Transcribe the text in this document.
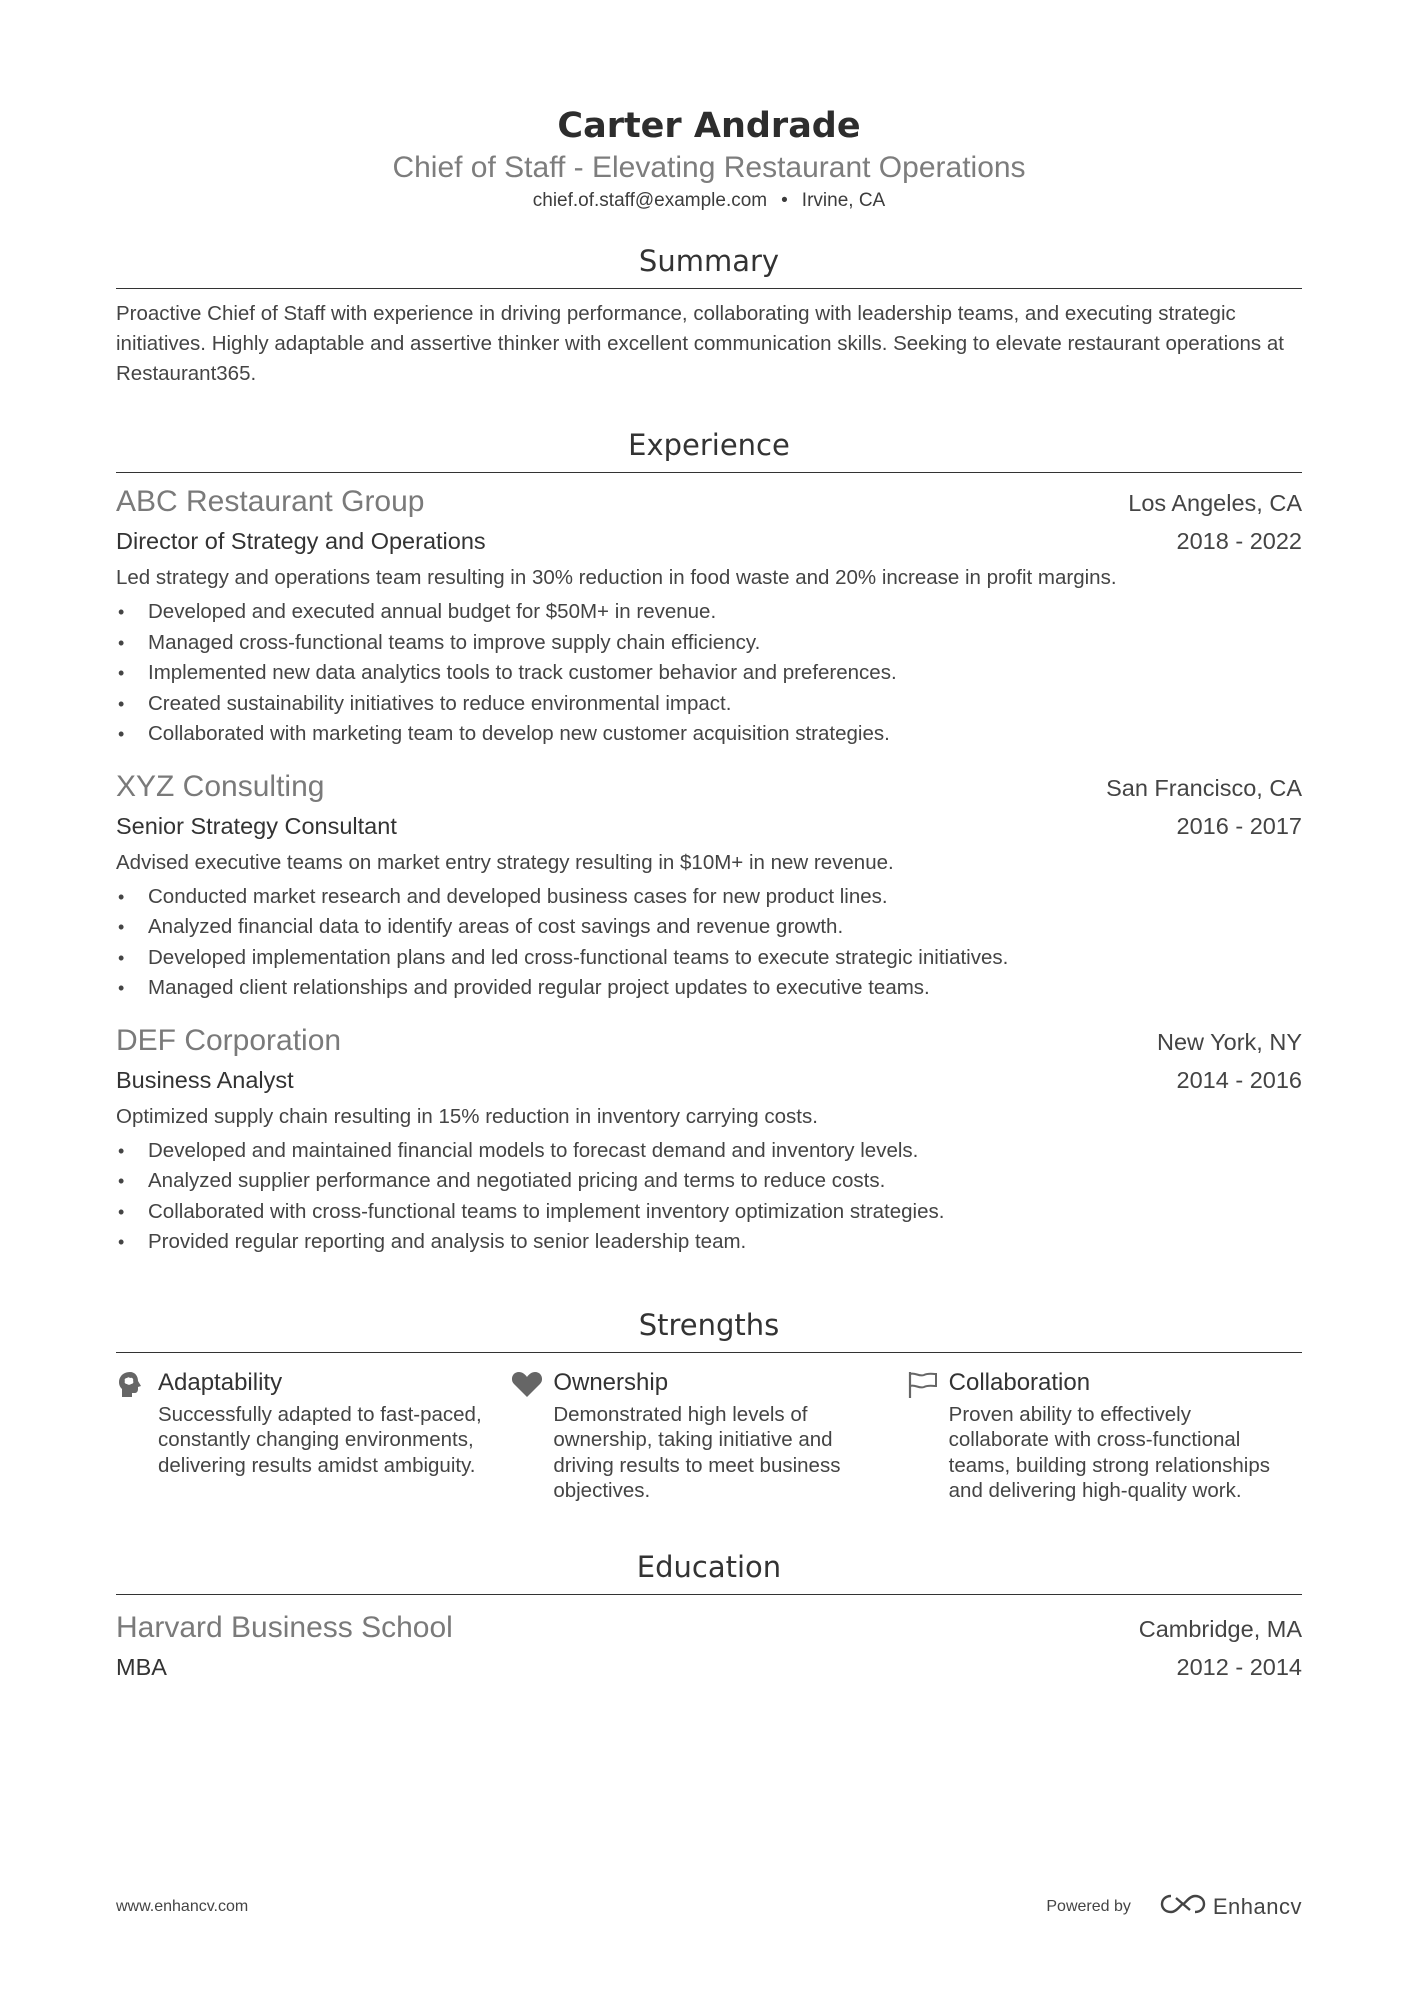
Carter Andrade
Chief of Staff - Elevating Restaurant Operations
chief.of.staff@example.com • Irvine, CA
Summary
Proactive Chief of Staff with experience in driving performance, collaborating with leadership teams, and executing strategic initiatives. Highly adaptable and assertive thinker with excellent communication skills. Seeking to elevate restaurant operations at Restaurant365.
Experience
ABC Restaurant Group	Los Angeles, CA
Director of Strategy and Operations	2018 - 2022
Led strategy and operations team resulting in 30% reduction in food waste and 20% increase in profit margins.
• Developed and executed annual budget for $50M+ in revenue.
• Managed cross-functional teams to improve supply chain efficiency.
• Implemented new data analytics tools to track customer behavior and preferences.
• Created sustainability initiatives to reduce environmental impact.
• Collaborated with marketing team to develop new customer acquisition strategies.
XYZ Consulting	San Francisco, CA
Senior Strategy Consultant	2016 - 2017
Advised executive teams on market entry strategy resulting in $10M+ in new revenue.
• Conducted market research and developed business cases for new product lines.
• Analyzed financial data to identify areas of cost savings and revenue growth.
• Developed implementation plans and led cross-functional teams to execute strategic initiatives.
• Managed client relationships and provided regular project updates to executive teams.
DEF Corporation	New York, NY
Business Analyst	2014 - 2016
Optimized supply chain resulting in 15% reduction in inventory carrying costs.
• Developed and maintained financial models to forecast demand and inventory levels.
• Analyzed supplier performance and negotiated pricing and terms to reduce costs.
• Collaborated with cross-functional teams to implement inventory optimization strategies.
• Provided regular reporting and analysis to senior leadership team.
Strengths
Adaptability
Successfully adapted to fast-paced, constantly changing environments, delivering results amidst ambiguity.
Ownership
Demonstrated high levels of ownership, taking initiative and driving results to meet business objectives.
Collaboration
Proven ability to effectively collaborate with cross-functional teams, building strong relationships and delivering high-quality work.
Education
Harvard Business School	Cambridge, MA
MBA	2012 - 2014
www.enhancv.com	Powered by	Enhancv
